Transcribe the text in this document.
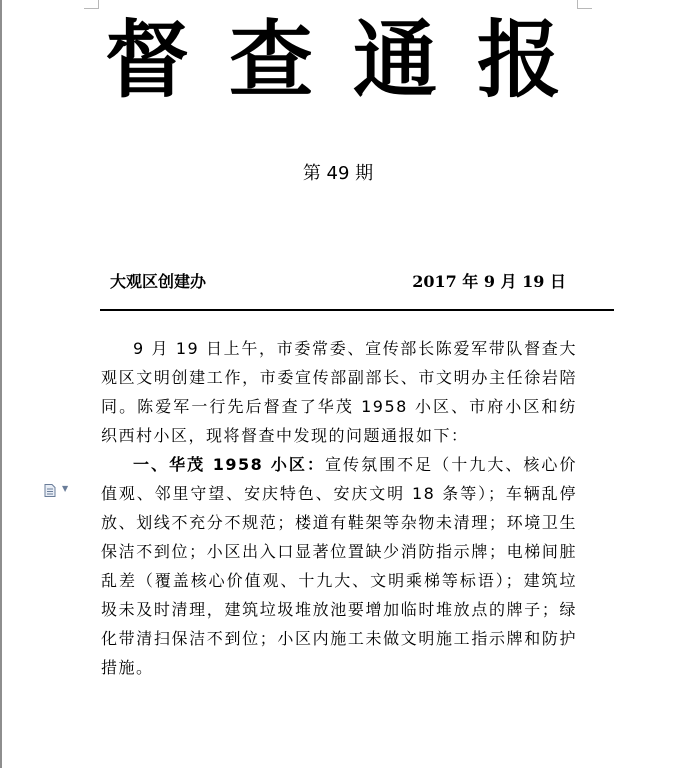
督查通报
第 49 期
大观区创建办	2017 年 9 月 19 日
▼

9 月 19 日上午，市委常委、宣传部长陈爱军带队督查大观区文明创建工作，市委宣传部副部长、市文明办主任徐岩陪同。陈爱军一行先后督查了华茂 1958 小区、市府小区和纺织西村小区，现将督查中发现的问题通报如下：

一、华茂 1958 小区：宣传氛围不足（十九大、核心价值观、邻里守望、安庆特色、安庆文明 18 条等）；车辆乱停放、划线不充分不规范；楼道有鞋架等杂物未清理；环境卫生保洁不到位；小区出入口显著位置缺少消防指示牌；电梯间脏乱差（覆盖核心价值观、十九大、文明乘梯等标语）；建筑垃圾未及时清理，建筑垃圾堆放池要增加临时堆放点的牌子；绿化带清扫保洁不到位；小区内施工未做文明施工指示牌和防护措施。
